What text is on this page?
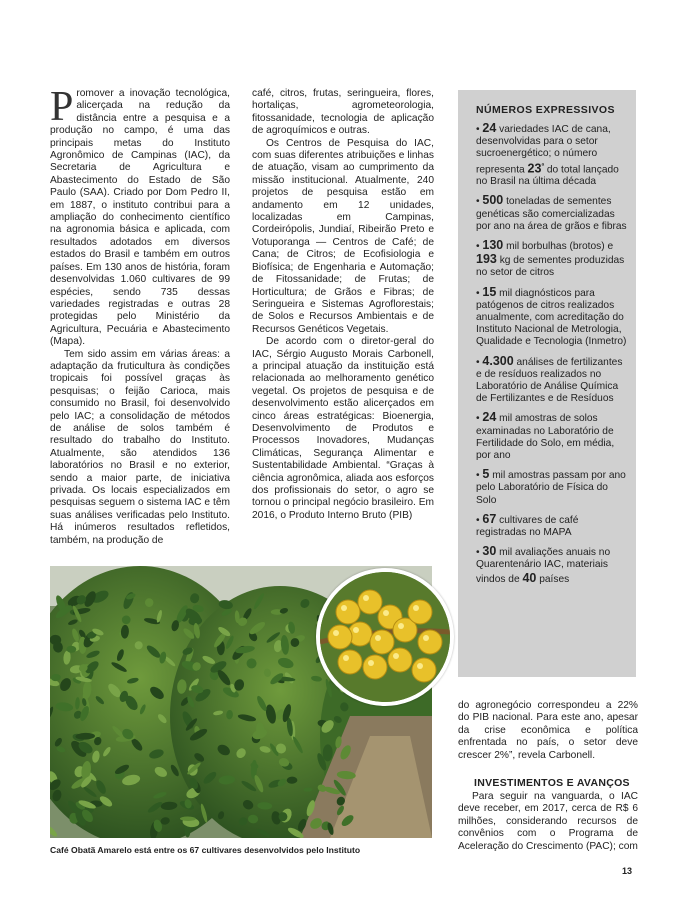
Promover a inovação tecnológica, alicerçada na redução da distância entre a pesquisa e a produção no campo, é uma das principais metas do Instituto Agronômico de Campinas (IAC), da Secretaria de Agricultura e Abastecimento do Estado de São Paulo (SAA). Criado por Dom Pedro II, em 1887, o instituto contribui para a ampliação do conhecimento científico na agronomia básica e aplicada, com resultados adotados em diversos estados do Brasil e também em outros países. Em 130 anos de história, foram desenvolvidas 1.060 cultivares de 99 espécies, sendo 735 dessas variedades registradas e outras 28 protegidas pelo Ministério da Agricultura, Pecuária e Abastecimento (Mapa).

Tem sido assim em várias áreas: a adaptação da fruticultura às condições tropicais foi possível graças às pesquisas; o feijão Carioca, mais consumido no Brasil, foi desenvolvido pelo IAC; a consolidação de métodos de análise de solos também é resultado do trabalho do Instituto. Atualmente, são atendidos 136 laboratórios no Brasil e no exterior, sendo a maior parte, de iniciativa privada. Os locais especializados em pesquisas seguem o sistema IAC e têm suas análises verificadas pelo Instituto. Há inúmeros resultados refletidos, também, na produção de

café, citros, frutas, seringueira, flores, hortaliças, agrometeorologia, fitossanidade, tecnologia de aplicação de agroquímicos e outras.

Os Centros de Pesquisa do IAC, com suas diferentes atribuições e linhas de atuação, visam ao cumprimento da missão institucional. Atualmente, 240 projetos de pesquisa estão em andamento em 12 unidades, localizadas em Campinas, Cordeirópolis, Jundiaí, Ribeirão Preto e Votuporanga — Centros de Café; de Cana; de Citros; de Ecofisiologia e Biofísica; de Engenharia e Automação; de Fitossanidade; de Frutas; de Horticultura; de Grãos e Fibras; de Seringueira e Sistemas Agroflorestais; de Solos e Recursos Ambientais e de Recursos Genéticos Vegetais.

De acordo com o diretor-geral do IAC, Sérgio Augusto Morais Carbonell, a principal atuação da instituição está relacionada ao melhoramento genético vegetal. Os projetos de pesquisa e de desenvolvimento estão alicerçados em cinco áreas estratégicas: Bioenergia, Desenvolvimento de Produtos e Processos Inovadores, Mudanças Climáticas, Segurança Alimentar e Sustentabilidade Ambiental. “Graças à ciência agronômica, aliada aos esforços dos profissionais do setor, o agro se tornou o principal negócio brasileiro. Em 2016, o Produto Interno Bruto (PIB)

NÚMEROS EXPRESSIVOS
• 24 variedades IAC de cana, desenvolvidas para o setor sucroenergético; o número representa $23^ª$ do total lançado no Brasil na última década
• 500 toneladas de sementes genéticas são comercializadas por ano na área de grãos e fibras
• 130 mil borbulhas (brotos) e 193 kg de sementes produzidas no setor de citros
• 15 mil diagnósticos para patógenos de citros realizados anualmente, com acreditação do Instituto Nacional de Metrologia, Qualidade e Tecnologia (Inmetro)
• 4.300 análises de fertilizantes e de resíduos realizados no Laboratório de Análise Química de Fertilizantes e de Resíduos
• 24 mil amostras de solos examinadas no Laboratório de Fertilidade do Solo, em média, por ano
• 5 mil amostras passam por ano pelo Laboratório de Física do Solo
• 67 cultivares de café registradas no MAPA
• 30 mil avaliações anuais no Quarentenário IAC, materiais vindos de 40 países
Café Obatã Amarelo está entre os 67 cultivares desenvolvidos pelo Instituto

do agronegócio correspondeu a 22% do PIB nacional. Para este ano, apesar da crise econômica e política enfrentada no país, o setor deve crescer 2%”, revela Carbonell.

INVESTIMENTOS E AVANÇOS

Para seguir na vanguarda, o IAC deve receber, em 2017, cerca de R$ 6 milhões, considerando recursos de convênios com o Programa de Aceleração do Crescimento (PAC); com

13
